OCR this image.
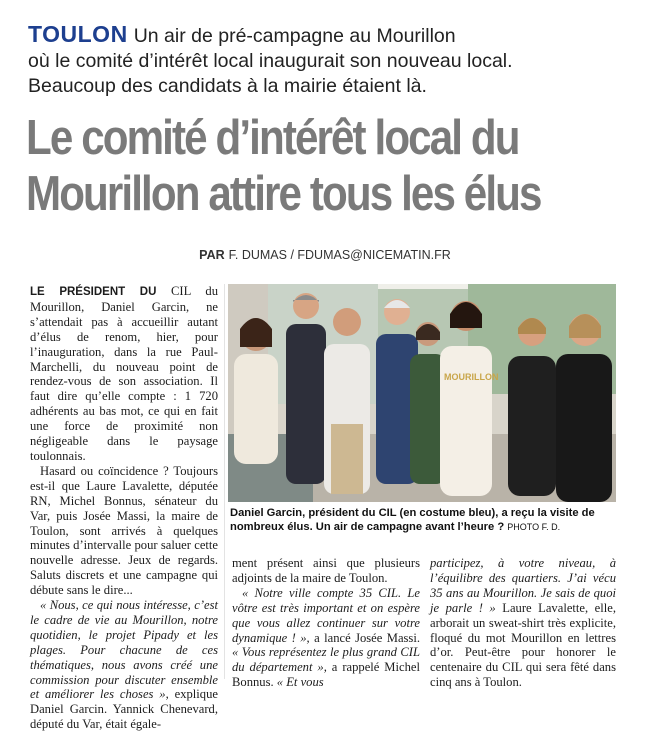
TOULON Un air de pré-campagne au Mourillon
où le comité d’intérêt local inaugurait son nouveau local.
Beaucoup des candidats à la mairie étaient là.
Le comité d’intérêt local du
Mourillon attire tous les élus
PAR F. DUMAS / FDUMAS@NICEMATIN.FR

LE PRÉSIDENT DU CIL du Mourillon, Daniel Garcin, ne s’attendait pas à accueillir autant d’élus de renom, hier, pour l’inauguration, dans la rue Paul-Marchelli, du nouveau point de rendez-vous de son association. Il faut dire qu’elle compte : 1 720 adhérents au bas mot, ce qui en fait une force de proximité non négligeable dans le paysage toulonnais.

Hasard ou coïncidence ? Toujours est-il que Laure Lavalette, députée RN, Michel Bonnus, sénateur du Var, puis Josée Massi, la maire de Toulon, sont arrivés à quelques minutes d’intervalle pour saluer cette nouvelle adresse. Jeux de regards. Saluts discrets et une campagne qui débute sans le dire...

« Nous, ce qui nous intéresse, c’est le cadre de vie au Mourillon, notre quotidien, le projet Pipady et les plages. Pour chacune de ces thématiques, nous avons créé une commission pour discuter ensemble et améliorer les choses », explique Daniel Garcin. Yannick Chenevard, député du Var, était égale-

MOURILLON
Daniel Garcin, président du CIL (en costume bleu), a reçu la visite de nombreux élus. Un air de campagne avant l’heure ? PHOTO F. D.

ment présent ainsi que plusieurs adjoints de la maire de Toulon.

« Notre ville compte 35 CIL. Le vôtre est très important et on espère que vous allez continuer sur votre dynamique ! », a lancé Josée Massi. « Vous représentez le plus grand CIL du département », a rappelé Michel Bonnus. « Et vous

participez, à votre niveau, à l’équilibre des quartiers. J’ai vécu 35 ans au Mourillon. Je sais de quoi je parle ! » Laure Lavalette, elle, arborait un sweat-shirt très explicite, floqué du mot Mourillon en lettres d’or. Peut-être pour honorer le centenaire du CIL qui sera fêté dans cinq ans à Toulon.
